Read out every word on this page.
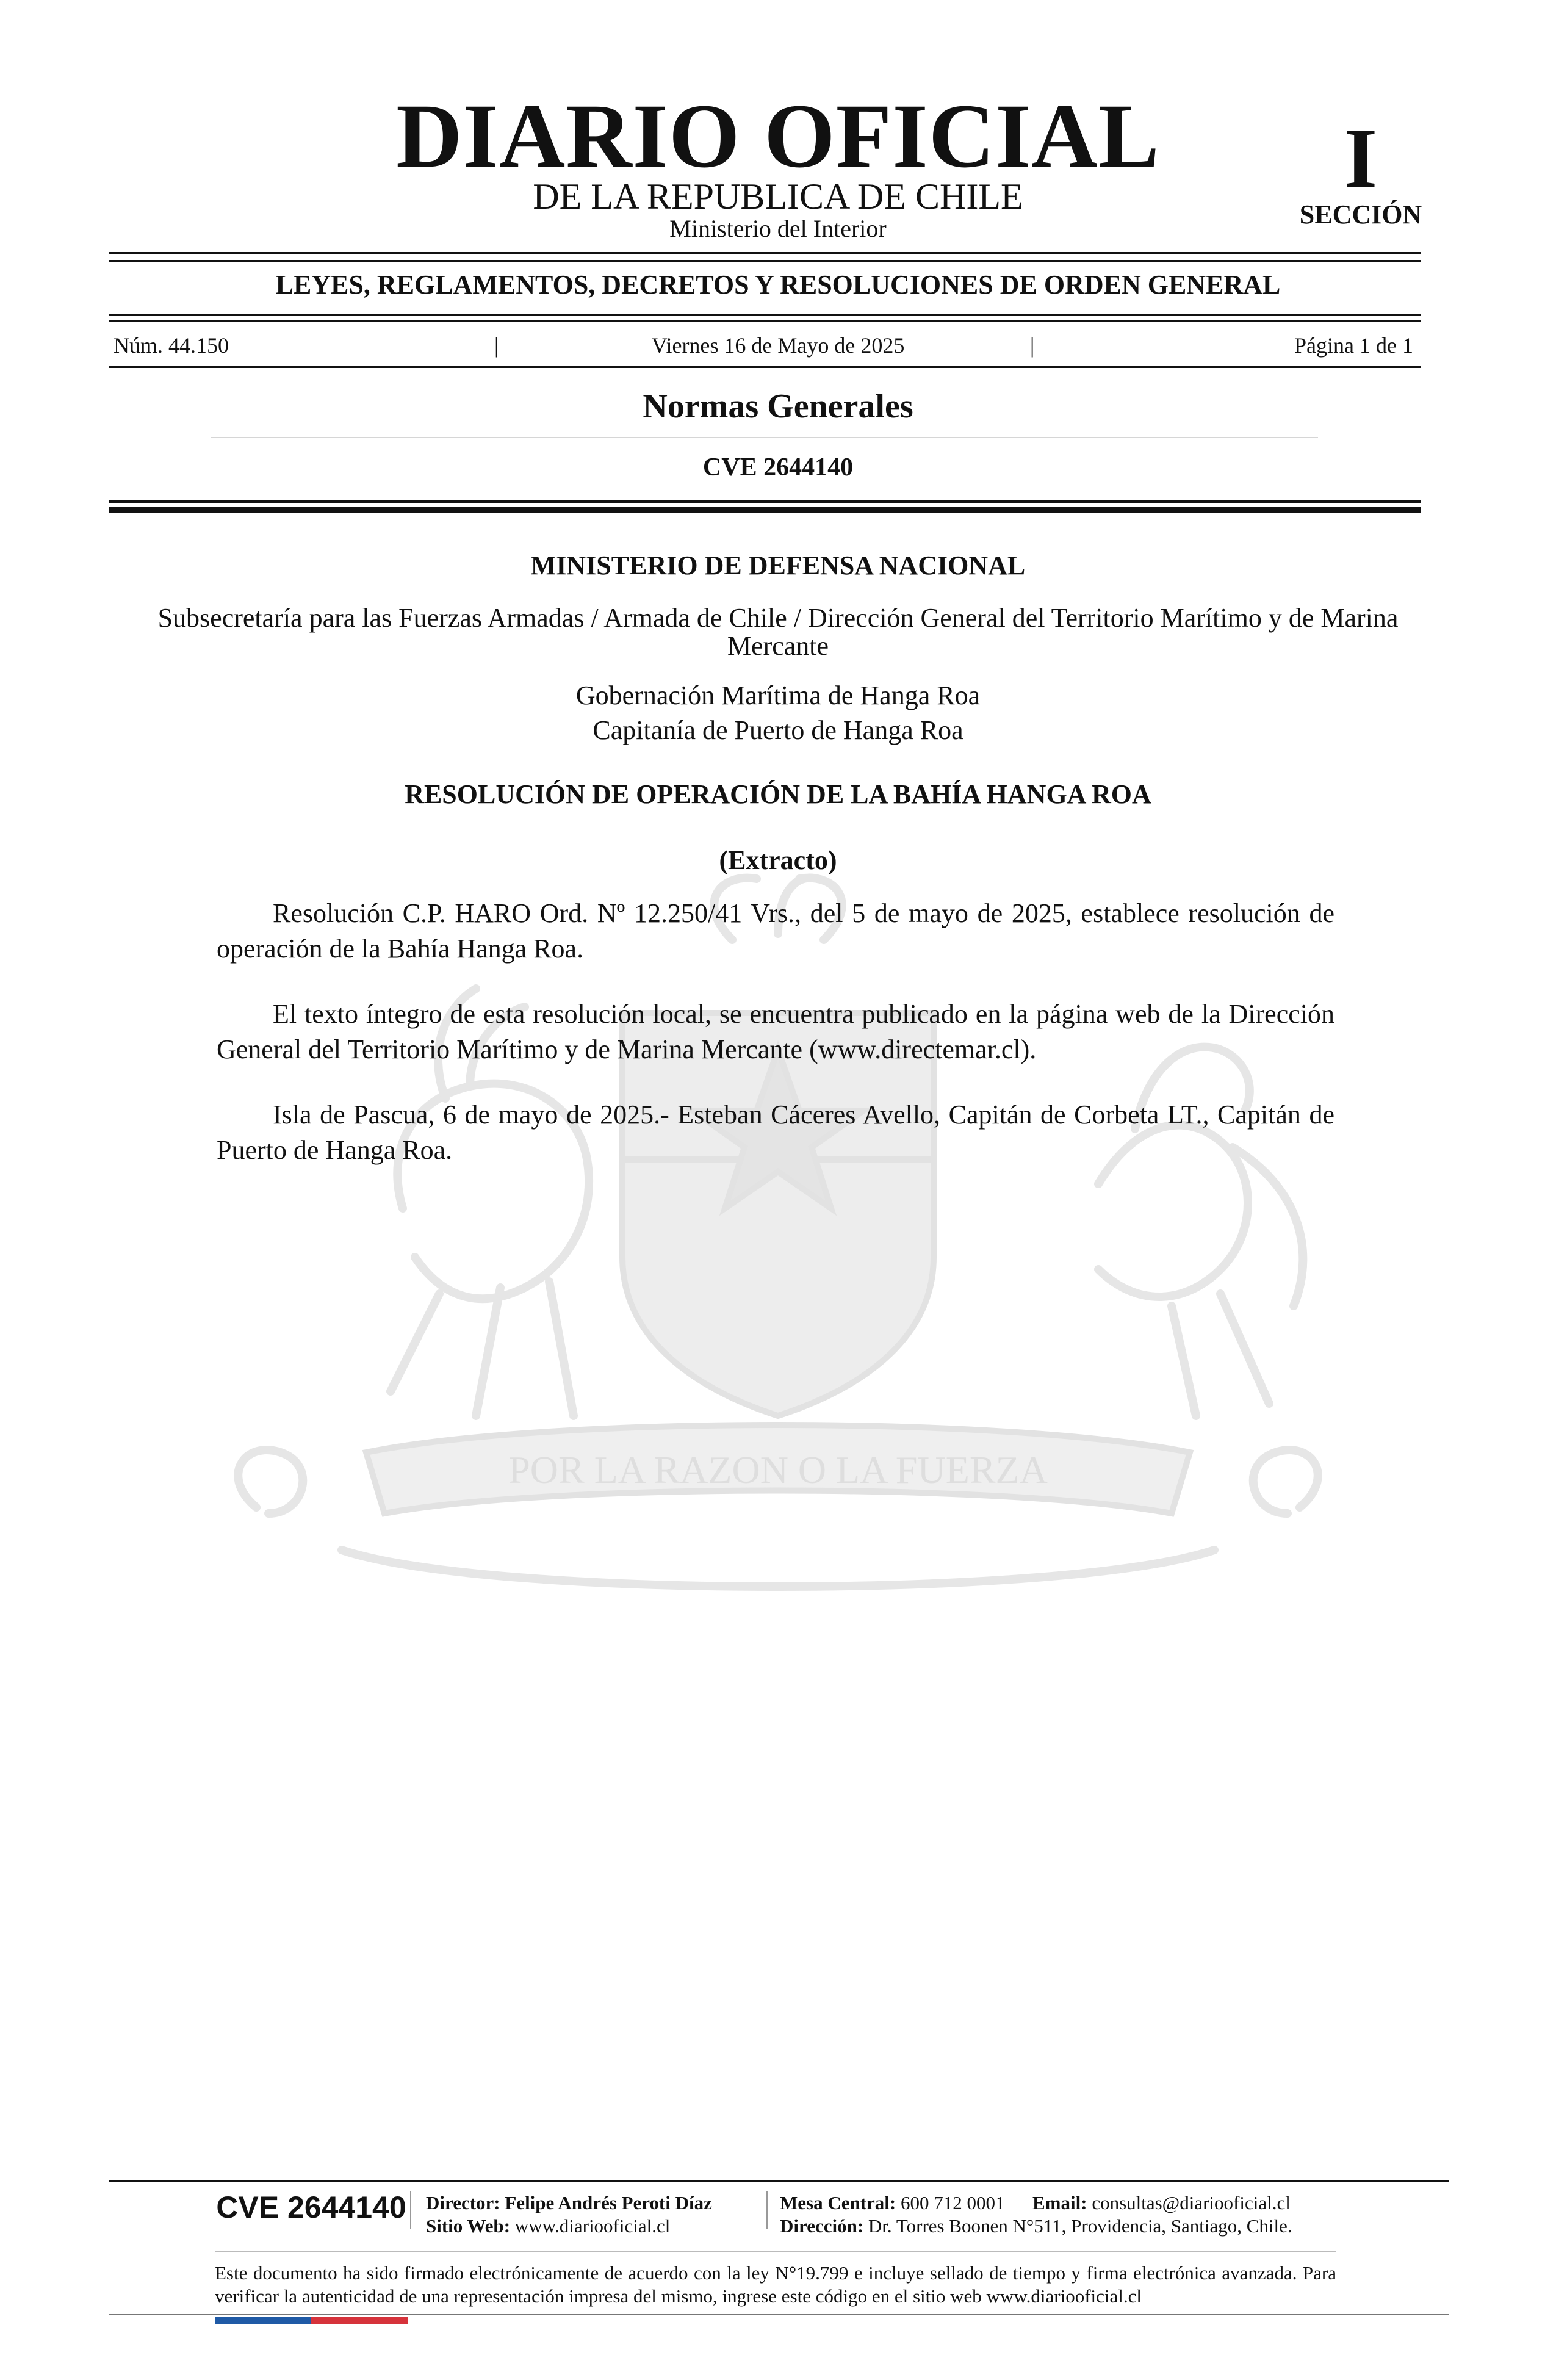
POR LA RAZON O LA FUERZA
DIARIO OFICIAL
DE LA REPUBLICA DE CHILE
Ministerio del Interior
I
SECCIÓN
LEYES, REGLAMENTOS, DECRETOS Y RESOLUCIONES DE ORDEN GENERAL
Núm. 44.150	|	Viernes 16 de Mayo de 2025	|	Página 1 de 1
Normas Generales
CVE 2644140
MINISTERIO DE DEFENSA NACIONAL
Subsecretaría para las Fuerzas Armadas / Armada de Chile / Dirección General del Territorio Marítimo y de Marina Mercante
Gobernación Marítima de Hanga Roa
Capitanía de Puerto de Hanga Roa
RESOLUCIÓN DE OPERACIÓN DE LA BAHÍA HANGA ROA
(Extracto)

Resolución C.P. HARO Ord. Nº 12.250/41 Vrs., del 5 de mayo de 2025, establece resolución de operación de la Bahía Hanga Roa.

El texto íntegro de esta resolución local, se encuentra publicado en la página web de la Dirección General del Territorio Marítimo y de Marina Mercante (www.directemar.cl).

Isla de Pascua, 6 de mayo de 2025.- Esteban Cáceres Avello, Capitán de Corbeta LT., Capitán de Puerto de Hanga Roa.

CVE 2644140	Director: Felipe Andrés Peroti Díaz
Sitio Web: www.diariooficial.cl
Mesa Central: 600 712 0001 Email: consultas@diariooficial.cl
Dirección: Dr. Torres Boonen N°511, Providencia, Santiago, Chile.
Este documento ha sido firmado electrónicamente de acuerdo con la ley N°19.799 e incluye sellado de tiempo y firma electrónica avanzada. Para verificar la autenticidad de una representación impresa del mismo, ingrese este código en el sitio web www.diariooficial.cl
